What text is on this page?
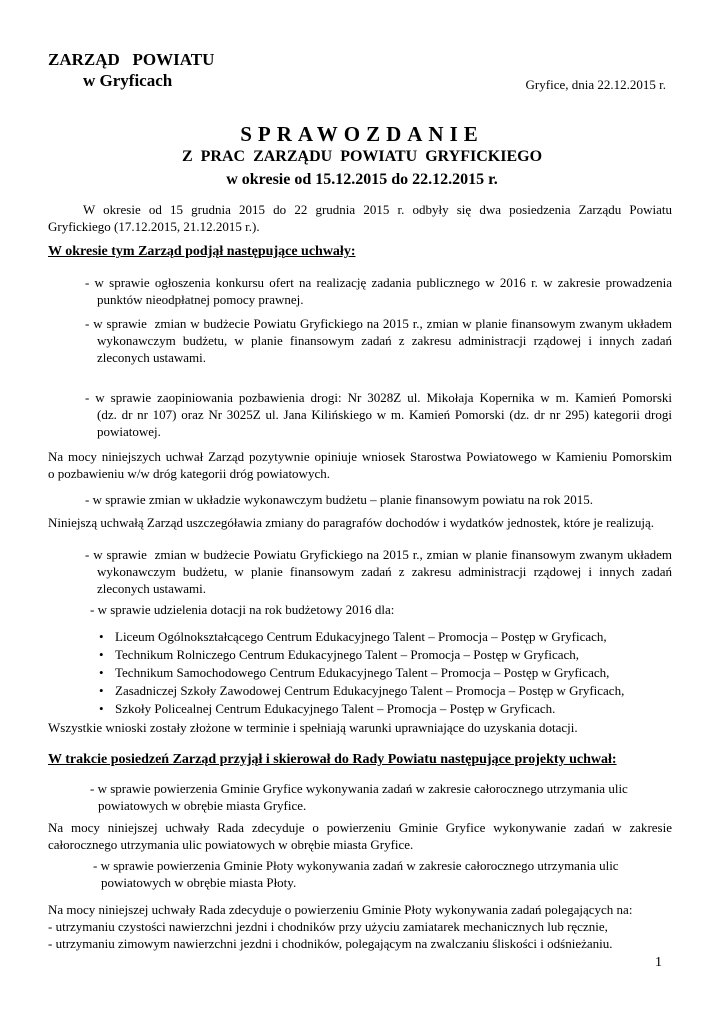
ZARZĄD   POWIATU

w Gryficach	Gryfice, dnia 22.12.2015 r.

SPRAWOZDANIE

Z  PRAC  ZARZĄDU  POWIATU  GRYFICKIEGO

w okresie od 15.12.2015 do 22.12.2015 r.

W okresie od 15 grudnia 2015 do 22 grudnia 2015 r. odbyły się dwa posiedzenia Zarządu Powiatu
Gryfickiego (17.12.2015, 21.12.2015 r.).

W okresie tym Zarząd podjął następujące uchwały:

- w sprawie ogłoszenia konkursu ofert na realizację zadania publicznego w 2016 r. w zakresie prowadzenia
punktów nieodpłatnej pomocy prawnej.
- w sprawie  zmian w budżecie Powiatu Gryfickiego na 2015 r., zmian w planie finansowym zwanym układem
wykonawczym budżetu, w planie finansowym zadań z zakresu administracji rządowej i innych zadań
zleconych ustawami.
- w sprawie zaopiniowania pozbawienia drogi: Nr 3028Z ul. Mikołaja Kopernika w m. Kamień Pomorski
(dz. dr nr 107) oraz Nr 3025Z ul. Jana Kilińskiego w m. Kamień Pomorski (dz. dr nr 295) kategorii drogi
powiatowej.
Na mocy niniejszych uchwał Zarząd pozytywnie opiniuje wniosek Starostwa Powiatowego w Kamieniu Pomorskim
o pozbawieniu w/w dróg kategorii dróg powiatowych.

- w sprawie zmian w układzie wykonawczym budżetu – planie finansowym powiatu na rok 2015.

Niniejszą uchwałą Zarząd uszczegóławia zmiany do paragrafów dochodów i wydatków jednostek, które je realizują.

- w sprawie  zmian w budżecie Powiatu Gryfickiego na 2015 r., zmian w planie finansowym zwanym układem
wykonawczym budżetu, w planie finansowym zadań z zakresu administracji rządowej i innych zadań
zleconych ustawami.

- w sprawie udzielenia dotacji na rok budżetowy 2016 dla:

• Liceum Ogólnokształcącego Centrum Edukacyjnego Talent – Promocja – Postęp w Gryficach,
• Technikum Rolniczego Centrum Edukacyjnego Talent – Promocja – Postęp w Gryficach,
• Technikum Samochodowego Centrum Edukacyjnego Talent – Promocja – Postęp w Gryficach,
• Zasadniczej Szkoły Zawodowej Centrum Edukacyjnego Talent – Promocja – Postęp w Gryficach,
• Szkoły Policealnej Centrum Edukacyjnego Talent – Promocja – Postęp w Gryficach.

Wszystkie wnioski zostały złożone w terminie i spełniają warunki uprawniające do uzyskania dotacji.

W trakcie posiedzeń Zarząd przyjął i skierował do Rady Powiatu następujące projekty uchwał:

- w sprawie powierzenia Gminie Gryfice wykonywania zadań w zakresie całorocznego utrzymania ulic
powiatowych w obrębie miasta Gryfice.
Na mocy niniejszej uchwały Rada zdecyduje o powierzeniu Gminie Gryfice wykonywanie zadań w zakresie
całorocznego utrzymania ulic powiatowych w obrębie miasta Gryfice.
- w sprawie powierzenia Gminie Płoty wykonywania zadań w zakresie całorocznego utrzymania ulic
powiatowych w obrębie miasta Płoty.
Na mocy niniejszej uchwały Rada zdecyduje o powierzeniu Gminie Płoty wykonywania zadań polegających na:
- utrzymaniu czystości nawierzchni jezdni i chodników przy użyciu zamiatarek mechanicznych lub ręcznie,
- utrzymaniu zimowym nawierzchni jezdni i chodników, polegającym na zwalczaniu śliskości i odśnieżaniu.

1
